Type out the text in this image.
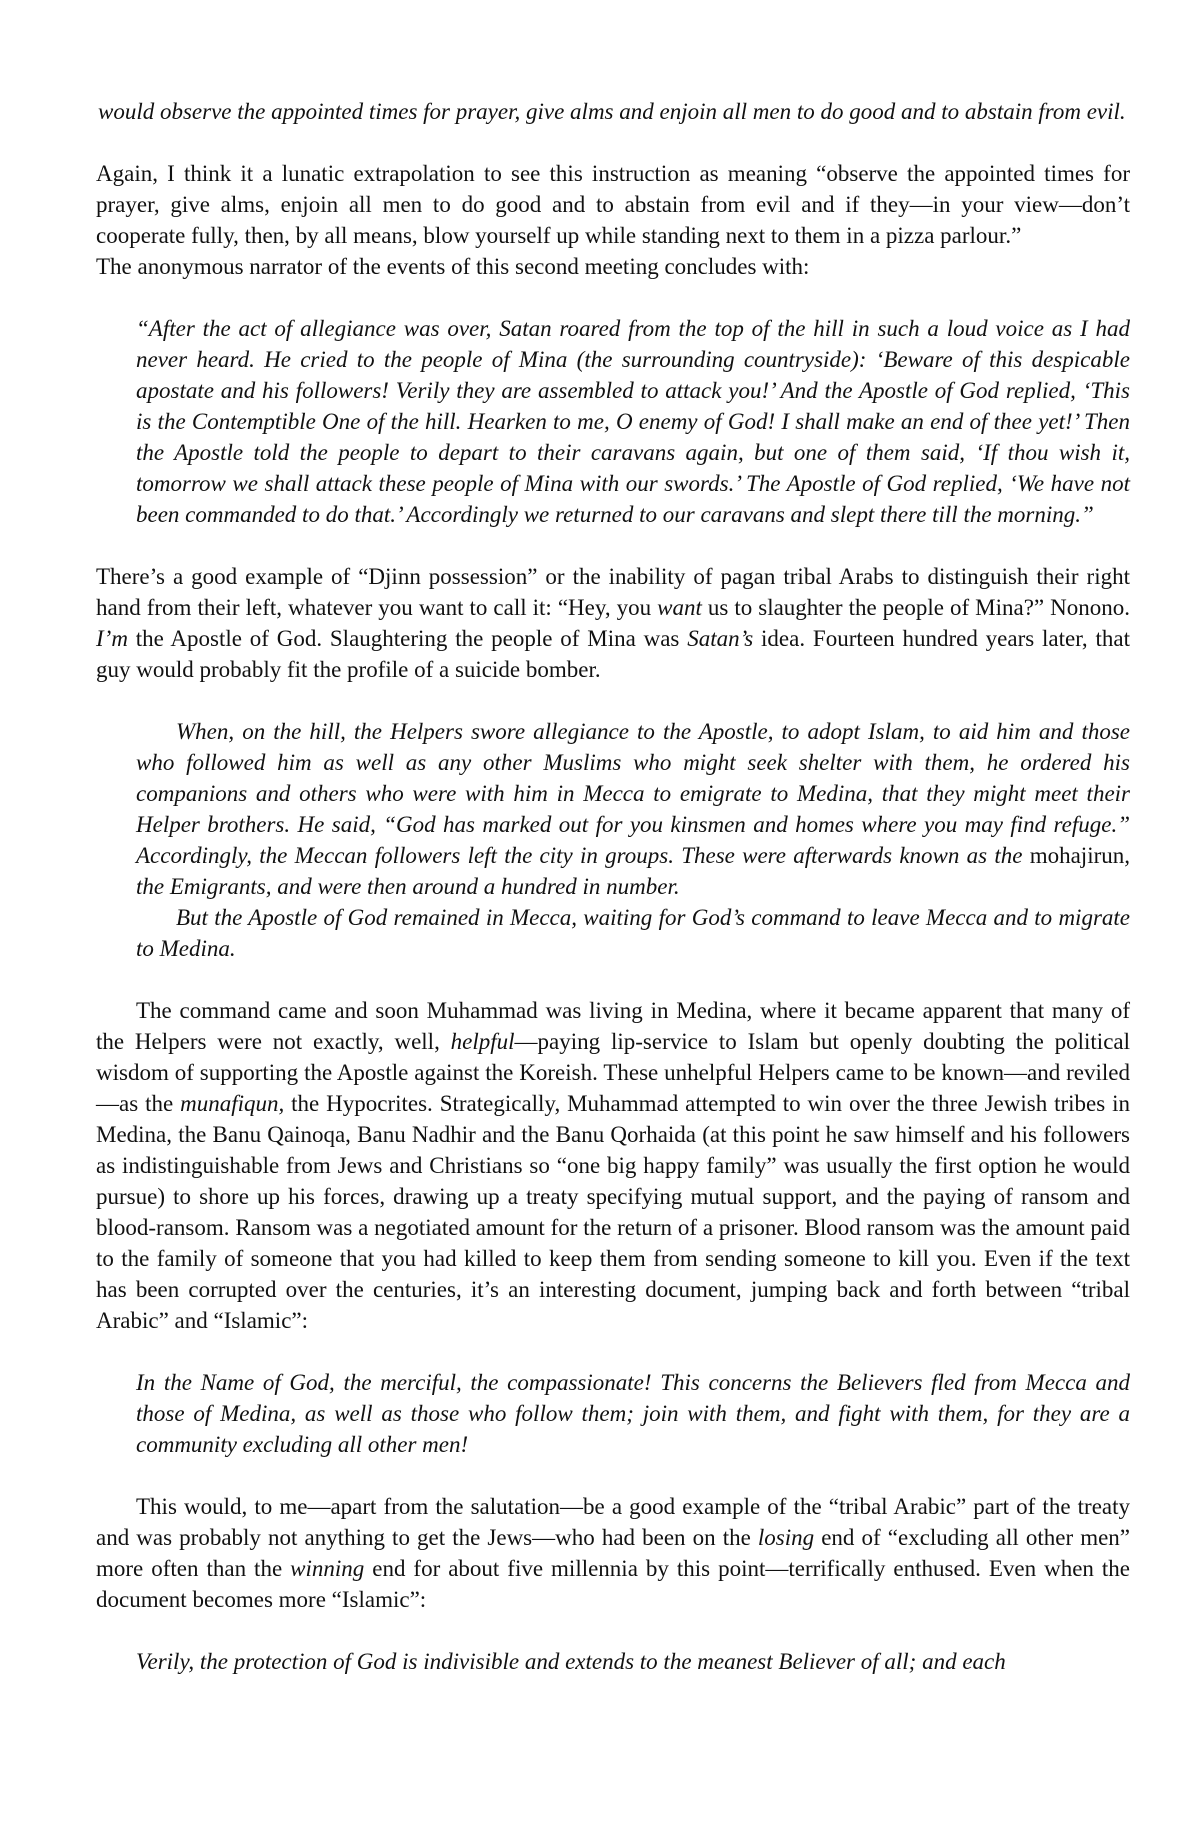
would observe the appointed times for prayer, give alms and enjoin all men to do good and to abstain from evil.

Again, I think it a lunatic extrapolation to see this instruction as meaning “observe the appointed times for prayer, give alms, enjoin all men to do good and to abstain from evil and if they—in your view—don’t cooperate fully, then, by all means, blow yourself up while standing next to them in a pizza parlour.”

The anonymous narrator of the events of this second meeting concludes with:

“After the act of allegiance was over, Satan roared from the top of the hill in such a loud voice as I had never heard. He cried to the people of Mina (the surrounding countryside): ‘Beware of this despicable apostate and his followers! Verily they are assembled to attack you!’ And the Apostle of God replied, ‘This is the Contemptible One of the hill. Hearken to me, O enemy of God! I shall make an end of thee yet!’ Then the Apostle told the people to depart to their caravans again, but one of them said, ‘If thou wish it, tomorrow we shall attack these people of Mina with our swords.’ The Apostle of God replied, ‘We have not been commanded to do that.’ Accordingly we returned to our caravans and slept there till the morning.”

There’s a good example of “Djinn possession” or the inability of pagan tribal Arabs to distinguish their right hand from their left, whatever you want to call it: “Hey, you want us to slaughter the people of Mina?” Nonono. I’m the Apostle of God. Slaughtering the people of Mina was Satan’s idea. Fourteen hundred years later, that guy would probably fit the profile of a suicide bomber.

When, on the hill, the Helpers swore allegiance to the Apostle, to adopt Islam, to aid him and those who followed him as well as any other Muslims who might seek shelter with them, he ordered his companions and others who were with him in Mecca to emigrate to Medina, that they might meet their Helper brothers. He said, “God has marked out for you kinsmen and homes where you may find refuge.” Accordingly, the Meccan followers left the city in groups. These were afterwards known as the mohajirun, the Emigrants, and were then around a hundred in number.

But the Apostle of God remained in Mecca, waiting for God’s command to leave Mecca and to migrate to Medina.

The command came and soon Muhammad was living in Medina, where it became apparent that many of the Helpers were not exactly, well, helpful—paying lip-service to Islam but openly doubting the political wisdom of supporting the Apostle against the Koreish. These unhelpful Helpers came to be known—and reviled—as the munafiqun, the Hypocrites. Strategically, Muhammad attempted to win over the three Jewish tribes in Medina, the Banu Qainoqa, Banu Nadhir and the Banu Qorhaida (at this point he saw himself and his followers as indistinguishable from Jews and Christians so “one big happy family” was usually the first option he would pursue) to shore up his forces, drawing up a treaty specifying mutual support, and the paying of ransom and blood-ransom. Ransom was a negotiated amount for the return of a prisoner. Blood ransom was the amount paid to the family of someone that you had killed to keep them from sending someone to kill you. Even if the text has been corrupted over the centuries, it’s an interesting document, jumping back and forth between “tribal Arabic” and “Islamic”:

In the Name of God, the merciful, the compassionate! This concerns the Believers fled from Mecca and those of Medina, as well as those who follow them; join with them, and fight with them, for they are a community excluding all other men!

This would, to me—apart from the salutation—be a good example of the “tribal Arabic” part of the treaty and was probably not anything to get the Jews—who had been on the losing end of “excluding all other men” more often than the winning end for about five millennia by this point—terrifically enthused. Even when the document becomes more “Islamic”:

Verily, the protection of God is indivisible and extends to the meanest Believer of all; and each
